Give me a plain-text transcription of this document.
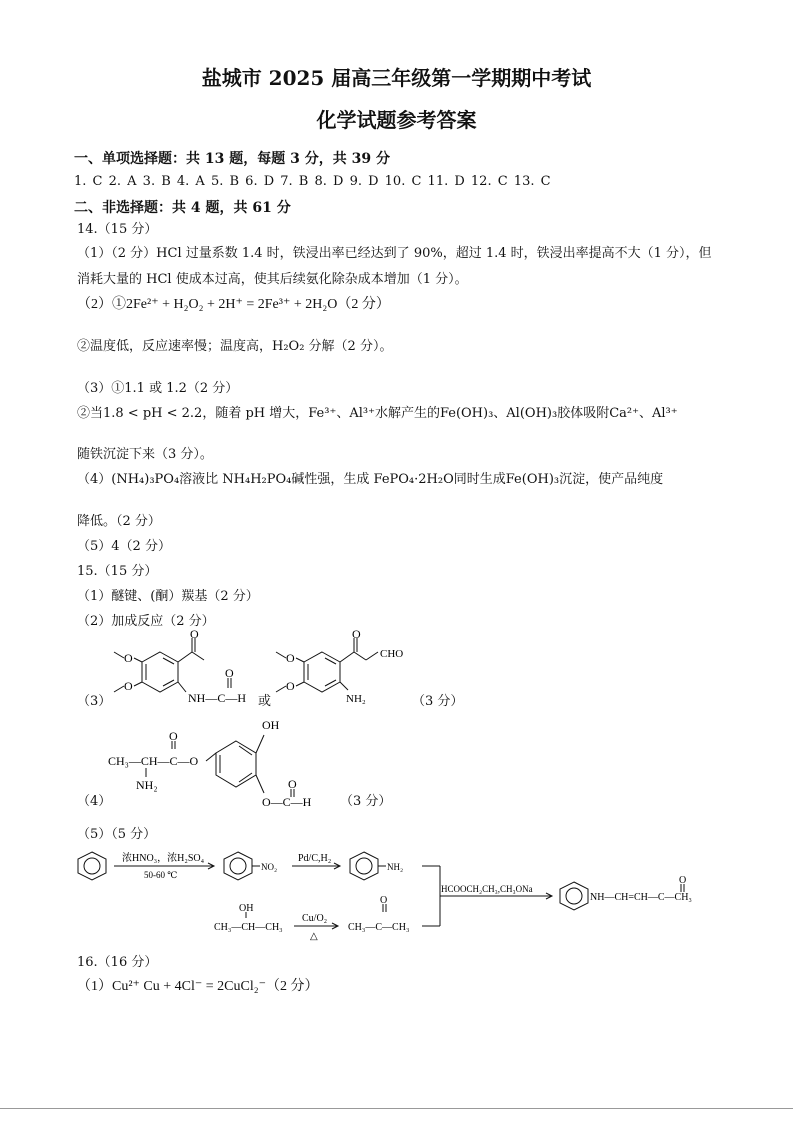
盐城市 2025 届高三年级第一学期期中考试
化学试题参考答案
一、单项选择题：共 13 题，每题 3 分，共 39 分
1. C 2. A 3. B 4. A 5. B 6. D 7. B 8. D 9. D 10. C 11. D 12. C 13. C
二、非选择题：共 4 题，共 61 分
14.（15 分）
（1）（2 分）HCl 过量系数 1.4 时，铁浸出率已经达到了 90%，超过 1.4 时，铁浸出率提高不大（1 分），但
消耗大量的 HCl 使成本过高，使其后续氨化除杂成本增加（1 分）。
（2）①2Fe²⁺ + H₂O₂ + 2H⁺ = 2Fe³⁺ + 2H₂O（2 分）
②温度低，反应速率慢；温度高，H₂O₂ 分解（2 分）。
（3）①1.1 或 1.2（2 分）
②当1.8 < pH < 2.2，随着 pH 增大，Fe³⁺、Al³⁺水解产生的Fe(OH)₃、Al(OH)₃胶体吸附Ca²⁺、Al³⁺
随铁沉淀下来（3 分）。
（4）(NH₄)₃PO₄溶液比 NH₄H₂PO₄碱性强，生成 FePO₄·2H₂O同时生成Fe(OH)₃沉淀，使产品纯度
降低。（2 分）
（5）4（2 分）
15.（15 分）
（1）醚键、(酮）羰基（2 分）
（2）加成反应（2 分）
（3）
O
O
O
O
NH—C—H 或
O
CHO
O
O
NH₂	（3 分）
（4）
OH
O
CH₃—CH—C—O
NH₂	O
O—C—H （3 分）
（5）（5 分）
浓HNO₃，浓H₂SO₄
50-60 ℃
NO₂
Pd/C,H₂
NH₂
HCOOCH₂CH₃,CH₃ONa
NH—CH=CH—C—CH₃
O
OH
CH₃—CH—CH₃
Cu/O₂
△
O
CH₃—C—CH₃
16.（16 分）
（1）Cu²⁺ Cu + 4Cl⁻ = 2CuCl₂⁻（2 分）
